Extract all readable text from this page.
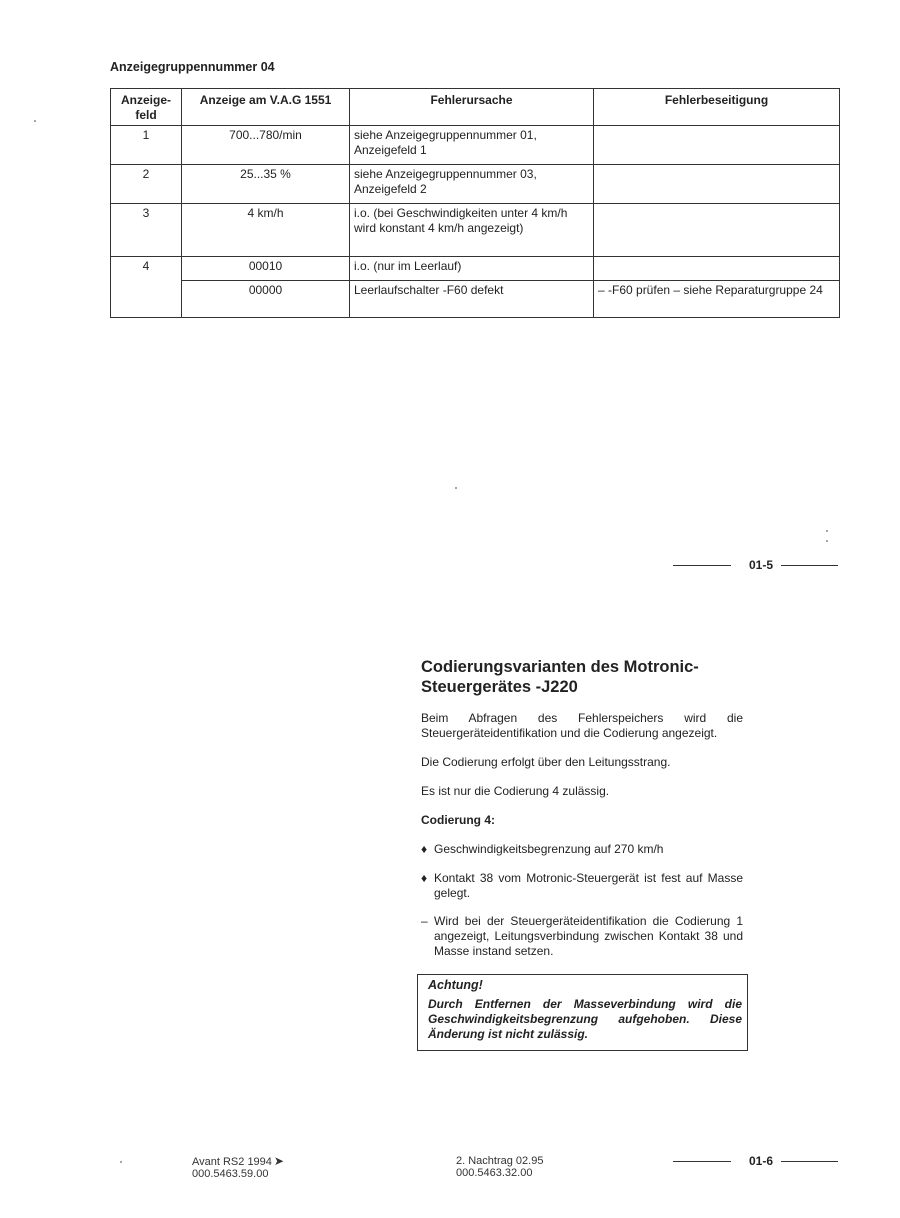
Anzeigegruppennummer 04
Anzeige-
feld	Anzeige am V.A.G 1551	Fehlerursache	Fehlerbeseitigung
1	700...780/min	siehe Anzeigegruppennummer 01, Anzeigefeld 1	
2	25...35 %	siehe Anzeigegruppennummer 03, Anzeigefeld 2	
3	4 km/h	i.o. (bei Geschwindigkeiten unter 4 km/h wird konstant 4 km/h angezeigt)	
4	00010	i.o. (nur im Leerlauf)	
	00000	Leerlaufschalter -F60 defekt	– -F60 prüfen – siehe Reparaturgruppe 24
01-5
Codierungsvarianten des Motronic-Steuergerätes -J220
Beim Abfragen des Fehlerspeichers wird die Steuergeräteidentifikation und die Codierung angezeigt.
Die Codierung erfolgt über den Leitungsstrang.
Es ist nur die Codierung 4 zulässig.
Codierung 4:
♦ Geschwindigkeitsbegrenzung auf 270 km/h
♦ Kontakt 38 vom Motronic-Steuergerät ist fest auf Masse gelegt.
– Wird bei der Steuergeräteidentifikation die Codierung 1 angezeigt, Leitungsverbindung zwischen Kontakt 38 und Masse instand setzen.
Achtung!
Durch Entfernen der Masseverbindung wird die Geschwindigkeitsbegrenzung aufgehoben. Diese Änderung ist nicht zulässig.
Avant RS2 1994 ➤
000.5463.59.00
2. Nachtrag 02.95
000.5463.32.00
01-6
